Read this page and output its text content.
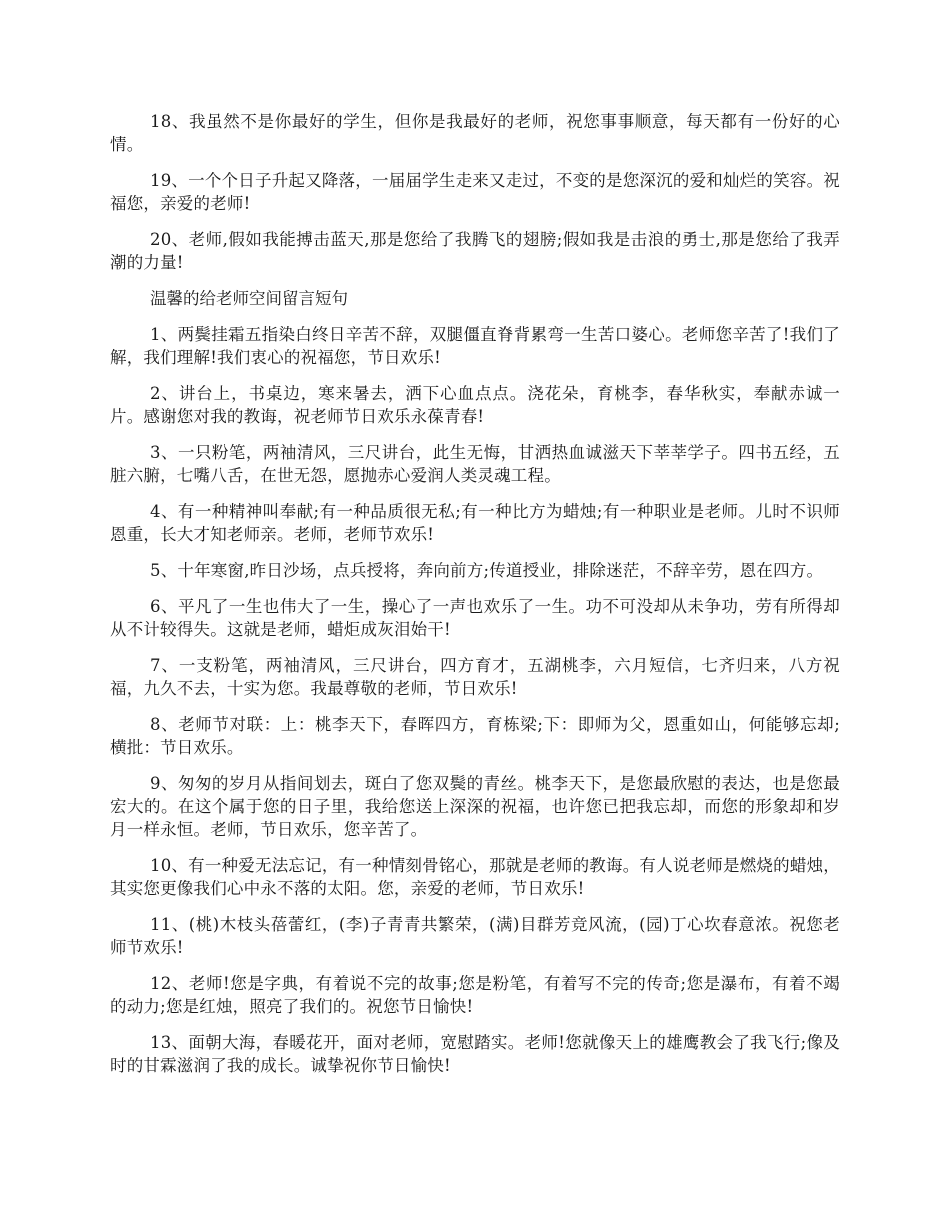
18、我虽然不是你最好的学生，但你是我最好的老师，祝您事事顺意，每天都有一份好的心情。

19、一个个日子升起又降落，一届届学生走来又走过，不变的是您深沉的爱和灿烂的笑容。祝福您，亲爱的老师!

20、老师,假如我能搏击蓝天,那是您给了我腾飞的翅膀;假如我是击浪的勇士,那是您给了我弄潮的力量!

温馨的给老师空间留言短句

1、两鬓挂霜五指染白终日辛苦不辞，双腿僵直脊背累弯一生苦口婆心。老师您辛苦了!我们了解，我们理解!我们衷心的祝福您，节日欢乐!

2、讲台上，书桌边，寒来暑去，洒下心血点点。浇花朵，育桃李，春华秋实，奉献赤诚一片。感谢您对我的教诲，祝老师节日欢乐永葆青春!

3、一只粉笔，两袖清风，三尺讲台，此生无悔，甘洒热血诚滋天下莘莘学子。四书五经，五脏六腑，七嘴八舌，在世无怨，愿抛赤心爱润人类灵魂工程。

4、有一种精神叫奉献;有一种品质很无私;有一种比方为蜡烛;有一种职业是老师。儿时不识师恩重，长大才知老师亲。老师，老师节欢乐!

5、十年寒窗,昨日沙场，点兵授将，奔向前方;传道授业，排除迷茫，不辞辛劳，恩在四方。

6、平凡了一生也伟大了一生，操心了一声也欢乐了一生。功不可没却从未争功，劳有所得却从不计较得失。这就是老师，蜡炬成灰泪始干!

7、一支粉笔，两袖清风，三尺讲台，四方育才，五湖桃李，六月短信，七齐归来，八方祝福，九久不去，十实为您。我最尊敬的老师，节日欢乐!

8、老师节对联：上：桃李天下，春晖四方，育栋梁;下：即师为父，恩重如山，何能够忘却;横批：节日欢乐。

9、匆匆的岁月从指间划去，斑白了您双鬓的青丝。桃李天下，是您最欣慰的表达，也是您最宏大的。在这个属于您的日子里，我给您送上深深的祝福，也许您已把我忘却，而您的形象却和岁月一样永恒。老师，节日欢乐，您辛苦了。

10、有一种爱无法忘记，有一种情刻骨铭心，那就是老师的教诲。有人说老师是燃烧的蜡烛，其实您更像我们心中永不落的太阳。您，亲爱的老师，节日欢乐!

11、(桃)木枝头蓓蕾红，(李)子青青共繁荣，(满)目群芳竞风流，(园)丁心坎春意浓。祝您老师节欢乐!

12、老师!您是字典，有着说不完的故事;您是粉笔，有着写不完的传奇;您是瀑布，有着不竭的动力;您是红烛，照亮了我们的。祝您节日愉快!

13、面朝大海，春暖花开，面对老师，宽慰踏实。老师!您就像天上的雄鹰教会了我飞行;像及时的甘霖滋润了我的成长。诚挚祝你节日愉快!
